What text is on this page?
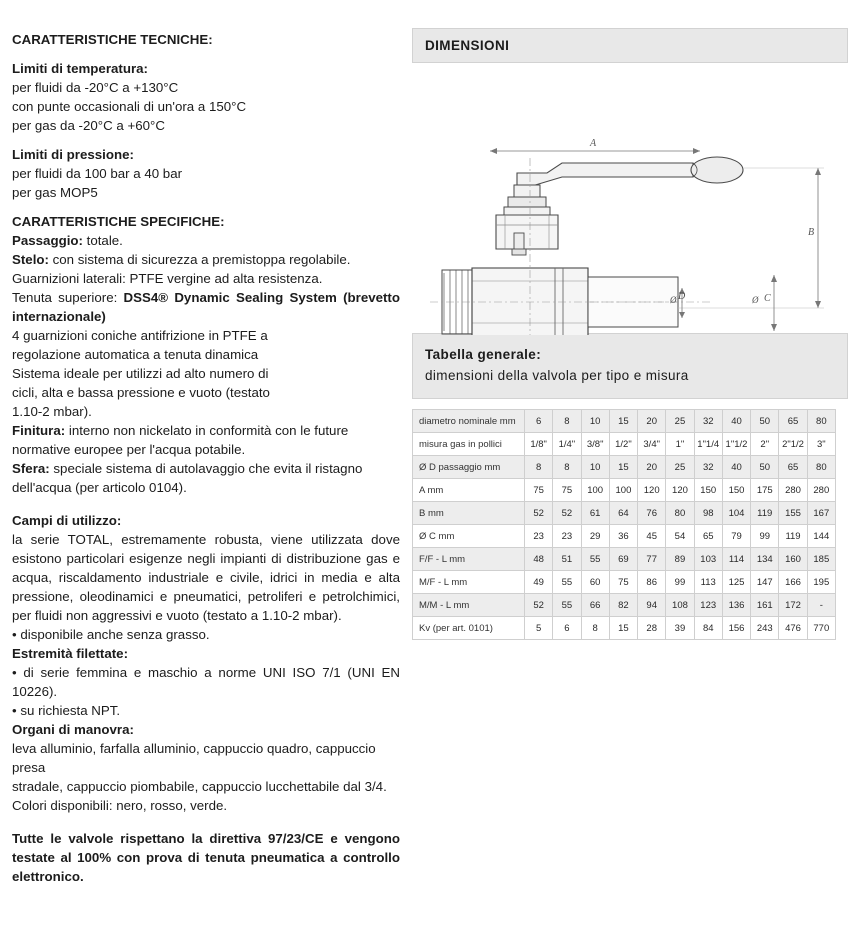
CARATTERISTICHE TECNICHE:
Limiti di temperatura:
per fluidi da -20°C a +130°C
con punte occasionali di un'ora a 150°C
per gas da -20°C a +60°C
Limiti di pressione:
per fluidi da 100 bar a 40 bar
per gas MOP5
CARATTERISTICHE SPECIFICHE:
Passaggio: totale.
Stelo: con sistema di sicurezza a premistoppa regolabile.
Guarnizioni laterali: PTFE vergine ad alta resistenza.
Tenuta superiore: DSS4® Dynamic Sealing System (brevetto internazionale)
4 guarnizioni coniche antifrizione in PTFE a
regolazione automatica a tenuta dinamica
Sistema ideale per utilizzi ad alto numero di
cicli, alta e bassa pressione e vuoto (testato
1.10-2 mbar).
Finitura: interno non nickelato in conformità con le future normative europee per l'acqua potabile.
Sfera: speciale sistema di autolavaggio che evita il ristagno dell'acqua (per articolo 0104).
Campi di utilizzo:
la serie TOTAL, estremamente robusta, viene utilizzata dove esistono particolari esigenze negli impianti di distribuzione gas e acqua, riscaldamento industriale e civile, idrici in media e alta pressione, oleodinamici e pneumatici, petroliferi e petrolchimici, per fluidi non aggressivi e vuoto (testato a 1.10-2 mbar).
• disponibile anche senza grasso.
Estremità filettate:
• di serie femmina e maschio a norme UNI ISO 7/1 (UNI EN 10226).
• su richiesta NPT.
Organi di manovra:
leva alluminio, farfalla alluminio, cappuccio quadro, cappuccio presa
stradale, cappuccio piombabile, cappuccio lucchettabile dal 3/4.
Colori disponibili: nero, rosso, verde.
Tutte le valvole rispettano la direttiva 97/23/CE e vengono testate al 100% con prova di tenuta pneumatica a controllo elettronico.
DIMENSIONI
A
B
C
Ø D	Ø
Tabella generale:
dimensioni della valvola per tipo e misura
diametro nominale mm	6	8	10	15	20	25	32	40	50	65	80
misura gas in pollici	1/8"	1/4"	3/8"	1/2"	3/4"	1"	1"1/4	1"1/2	2"	2"1/2	3"
Ø D passaggio mm	8	8	10	15	20	25	32	40	50	65	80
A mm	75	75	100	100	120	120	150	150	175	280	280
B mm	52	52	61	64	76	80	98	104	119	155	167
Ø C mm	23	23	29	36	45	54	65	79	99	119	144
F/F - L mm	48	51	55	69	77	89	103	114	134	160	185
M/F - L mm	49	55	60	75	86	99	113	125	147	166	195
M/M - L mm	52	55	66	82	94	108	123	136	161	172	-
Kv (per art. 0101)	5	6	8	15	28	39	84	156	243	476	770
